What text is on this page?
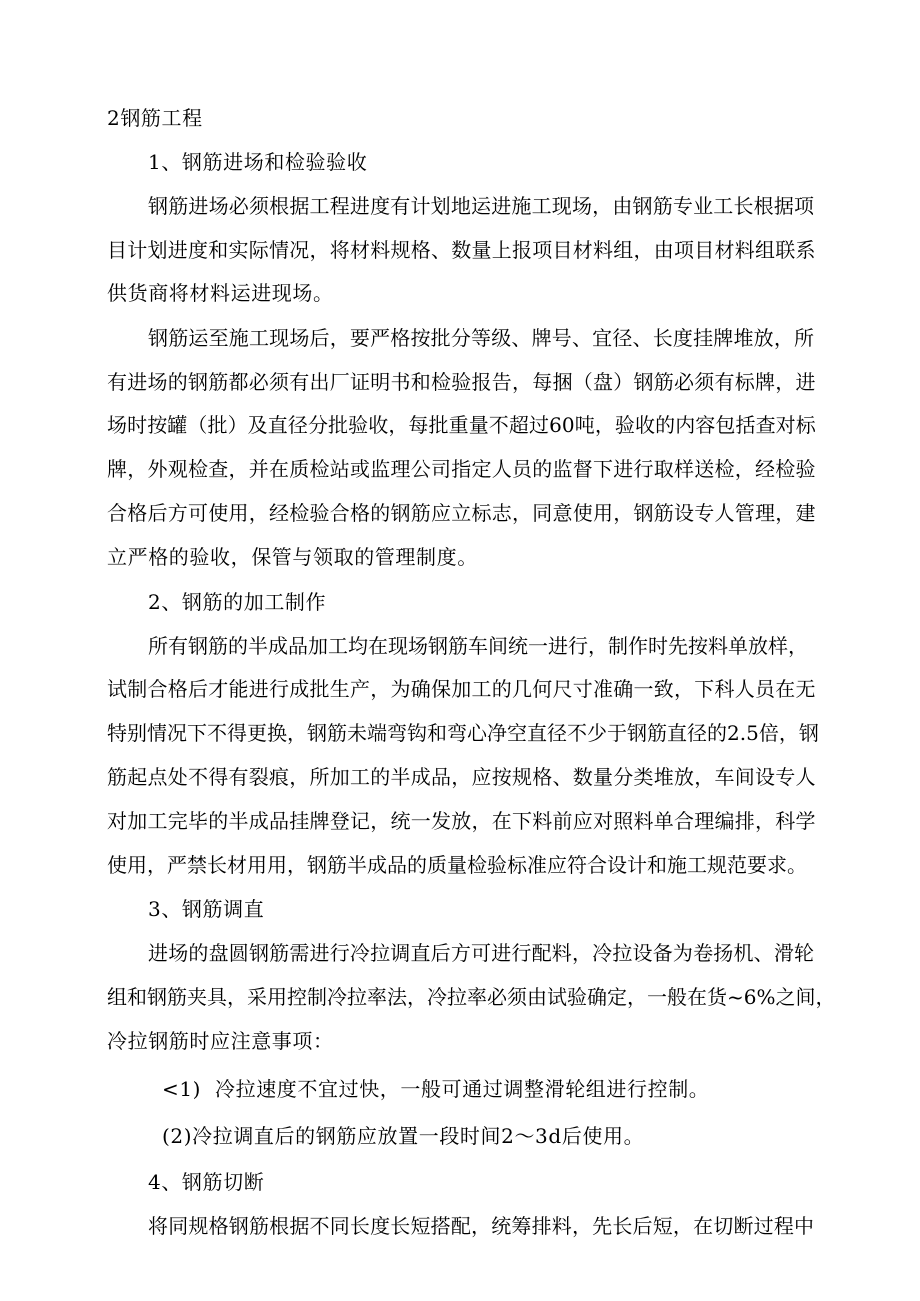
2钢筋工程
1、钢筋进场和检验验收
钢 筋 进 场 必 须 根 据 工 程 进 度 有 计 划 地 运 进 施 工 现 场 ， 由 钢 筋 专 业 工 长 根 据 项
目 计 划 进 度 和 实 际 情 况 ， 将 材 料 规 格 、 数 量 上 报 项 目 材 料 组 ， 由 项 目 材 料 组 联 系
供货商将材料运进现场。
钢 筋 运 至 施 工 现 场 后 ， 要 严 格 按 批 分 等 级 、 牌 号 、 宜 径 、 长 度 挂 牌 堆 放 ， 所
有 进 场 的 钢 筋 都 必 须 有 出 厂 证 明 书 和 检 验 报 告 ， 每 捆 （ 盘 ） 钢 筋 必 须 有 标 牌 ， 进
场 时 按 罐 （ 批 ） 及 直 径 分 批 验 收 ， 每 批 重 量 不 超 过 6 0 吨 ， 验 收 的 内 容 包 括 查 对 标
牌 ， 外 观 检 查 ， 并 在 质 检 站 或 监 理 公 司 指 定 人 员 的 监 督 下 进 行 取 样 送 检 ， 经 检 验
合 格 后 方 可 使 用 ， 经 检 验 合 格 的 钢 筋 应 立 标 志 ， 同 意 使 用 ， 钢 筋 设 专 人 管 理 ， 建
立严格的验收，保管与领取的管理制度。
2、钢筋的加工制作
所 有 钢 筋 的 半 成 品 加 工 均 在 现 场 钢 筋 车 间 统 一 进 行 ， 制 作 时 先 按 料 单 放 样 ，
试 制 合 格 后 才 能 进 行 成 批 生 产 ， 为 确 保 加 工 的 几 何 尺 寸 准 确 一 致 ， 下 科 人 员 在 无
特 别 情 况 下 不 得 更 换 ， 钢 筋 未 端 弯 钩 和 弯 心 净 空 直 径 不 少 于 钢 筋 直 径 的 2 . 5 倍 ， 钢
筋 起 点 处 不 得 有 裂 痕 ， 所 加 工 的 半 成 品 ， 应 按 规 格 、 数 量 分 类 堆 放 ， 车 间 设 专 人
对 加 工 完 毕 的 半 成 品 挂 牌 登 记 ， 统 一 发 放 ， 在 下 料 前 应 对 照 料 单 合 理 编 排 ， 科 学
使 用 ， 严 禁 长 材 用 用 ， 钢 筋 半 成 品 的 质 量 检 验 标 准 应 符 合 设 计 和 施 工 规 范 要 求 。
3、钢筋调直
进 场 的 盘 圆 钢 筋 需 进 行 冷 拉 调 直 后 方 可 进 行 配 料 ， 冷 拉 设 备 为 卷 扬 机 、 滑 轮
组 和 钢 筋 夹 具 ， 采 用 控 制 冷 拉 率 法 ， 冷 拉 率 必 须 由 试 验 确 定 ， 一 般 在 货 ~ 6 % 之 间 ，
冷拉钢筋时应注意事项：
<1)  冷拉速度不宜过快，一般可通过调整滑轮组进行控制。
(2)冷拉调直后的钢筋应放置一段时间2〜3d后使用。
4、钢筋切断
将 同 规 格 钢 筋 根 据 不 同 长 度 长 短 搭 配 ， 统 筹 排 料 ， 先 长 后 短 ， 在 切 断 过 程 中
